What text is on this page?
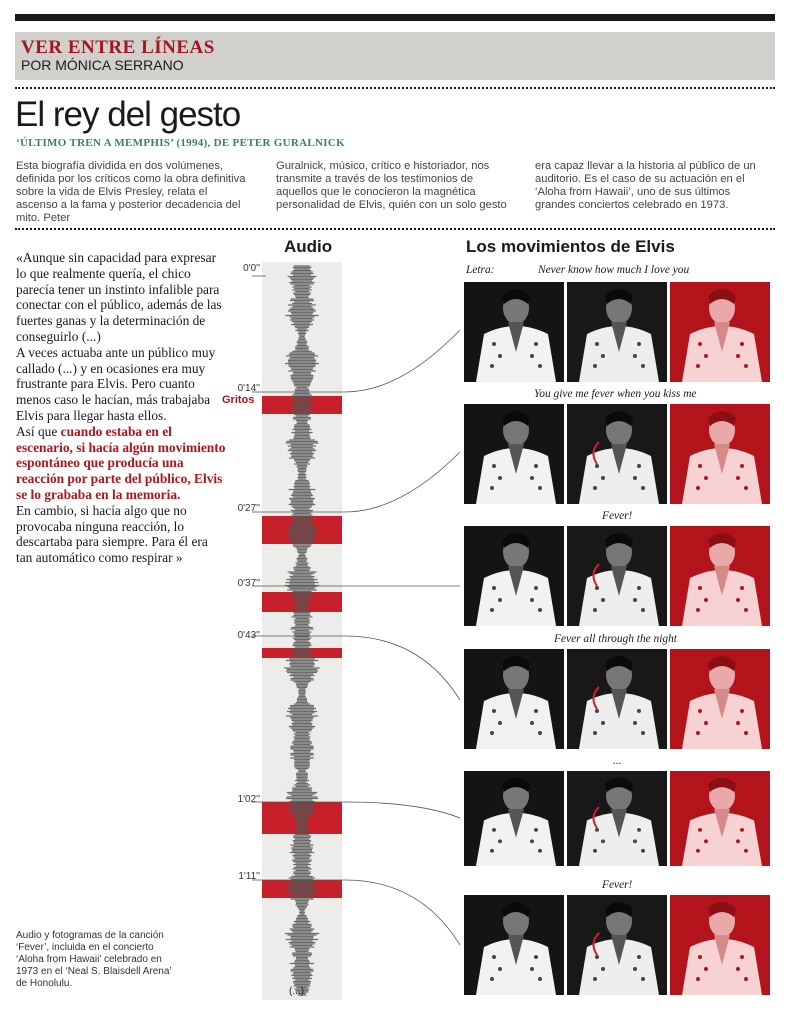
VER ENTRE LÍNEAS
POR MÓNICA SERRANO
El rey del gesto
‘ÚLTIMO TREN A MEMPHIS’ (1994), DE PETER GURALNICK
Esta biografía dividida en dos volúmenes, definida por los críticos como la obra definitiva sobre la vida de Elvis Presley, relata el ascenso a la fama y posterior decadencia del mito. Peter
Guralnick, músico, crítico e historiador, nos transmite a través de los testimonios de aquellos que le conocieron la magnética personalidad de Elvis, quién con un solo gesto
era capaz llevar a la historia al público de un auditorio. Es el caso de su actuación en el ‘Aloha from Hawaii’, uno de sus últimos grandes conciertos celebrado en 1973.
«Aunque sin capacidad para expresar lo que realmente quería, el chico parecía tener un instinto infalible para conectar con el público, además de las fuertes ganas y la determinación de conseguirlo (...)
A veces actuaba ante un público muy callado (...) y en ocasiones era muy frustrante para Elvis. Pero cuanto menos caso le hacían, más trabajaba Elvis para llegar hasta ellos.
Así que cuando estaba en el escenario, si hacía algún movimiento espontáneo que producía una reacción por parte del público, Elvis se lo grababa en la memoria.
En cambio, si hacía algo que no provocaba ninguna reacción, lo descartaba para siempre. Para él era tan automático como respirar »
Audio y fotogramas de la canción ‘Fever’, incluida en el concierto ‘Aloha from Hawaii’ celebrado en 1973 en el ‘Neal S. Blaisdell Arena’ de Honolulu.
Audio
0'0''
0'14''
Gritos
0'27''
0'37''
0'43''
1'02''
1'11''
(...)
Los movimientos de Elvis
Letra:	Never know how much I love you
You give me fever when you kiss me
Fever!
Fever all through the night
...
Fever!
